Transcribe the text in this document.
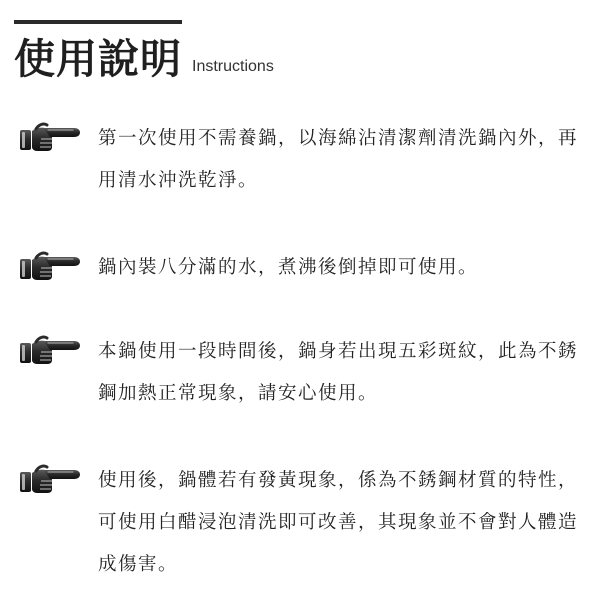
使用說明 Instructions
第一次使用不需養鍋，以海綿沾清潔劑清洗鍋內外，再用清水沖洗乾淨。
鍋內裝八分滿的水，煮沸後倒掉即可使用。
本鍋使用一段時間後，鍋身若出現五彩斑紋，此為不銹鋼加熱正常現象，請安心使用。
使用後，鍋體若有發黃現象，係為不銹鋼材質的特性，可使用白醋浸泡清洗即可改善，其現象並不會對人體造成傷害。
